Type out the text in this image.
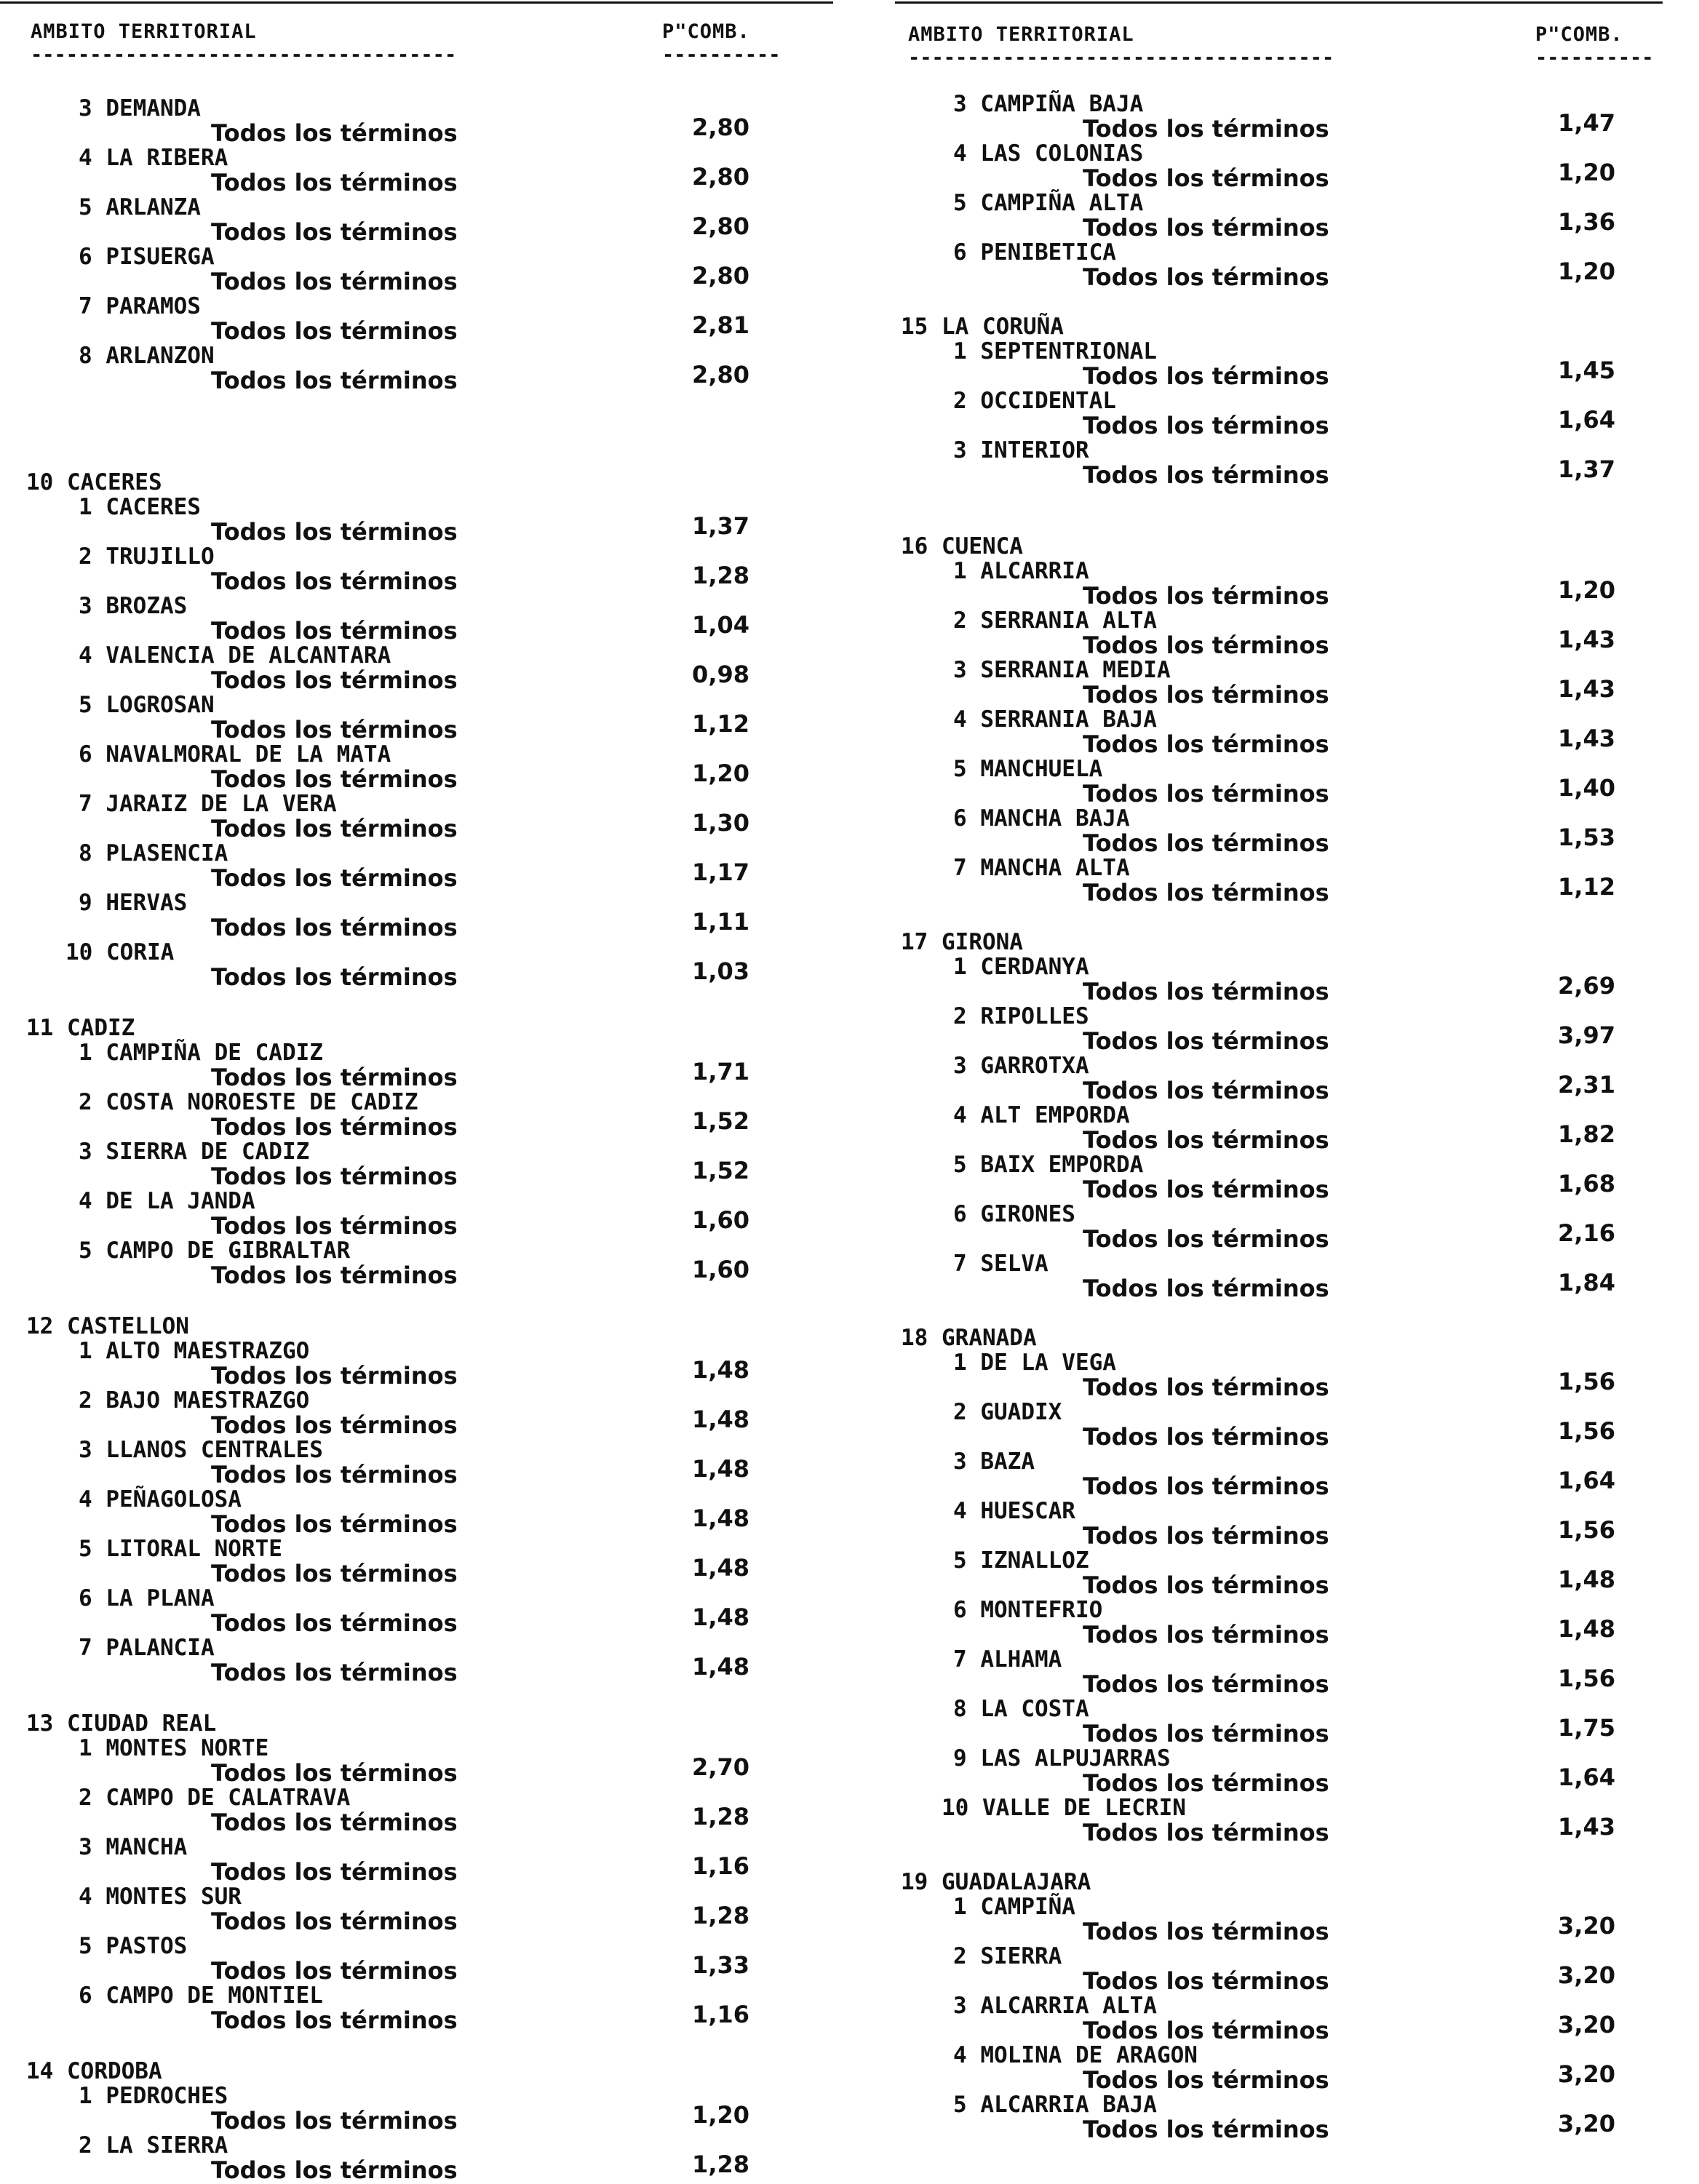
AMBITO TERRITORIAL
------------------------------------
P"COMB.
----------
3 DEMANDA
Todos los términos	2,80
4 LA RIBERA
Todos los términos	2,80
5 ARLANZA
Todos los términos	2,80
6 PISUERGA
Todos los términos	2,80
7 PARAMOS
Todos los términos	2,81
8 ARLANZON
Todos los términos	2,80
10 CACERES
1 CACERES
Todos los términos	1,37
2 TRUJILLO
Todos los términos	1,28
3 BROZAS
Todos los términos	1,04
4 VALENCIA DE ALCANTARA
Todos los términos	0,98
5 LOGROSAN
Todos los términos	1,12
6 NAVALMORAL DE LA MATA
Todos los términos	1,20
7 JARAIZ DE LA VERA
Todos los términos	1,30
8 PLASENCIA
Todos los términos	1,17
9 HERVAS
Todos los términos	1,11
10 CORIA
Todos los términos	1,03
11 CADIZ
1 CAMPIÑA DE CADIZ
Todos los términos	1,71
2 COSTA NOROESTE DE CADIZ
Todos los términos	1,52
3 SIERRA DE CADIZ
Todos los términos	1,52
4 DE LA JANDA
Todos los términos	1,60
5 CAMPO DE GIBRALTAR
Todos los términos	1,60
12 CASTELLON
1 ALTO MAESTRAZGO
Todos los términos	1,48
2 BAJO MAESTRAZGO
Todos los términos	1,48
3 LLANOS CENTRALES
Todos los términos	1,48
4 PEÑAGOLOSA
Todos los términos	1,48
5 LITORAL NORTE
Todos los términos	1,48
6 LA PLANA
Todos los términos	1,48
7 PALANCIA
Todos los términos	1,48
13 CIUDAD REAL
1 MONTES NORTE
Todos los términos	2,70
2 CAMPO DE CALATRAVA
Todos los términos	1,28
3 MANCHA
Todos los términos	1,16
4 MONTES SUR
Todos los términos	1,28
5 PASTOS
Todos los términos	1,33
6 CAMPO DE MONTIEL
Todos los términos	1,16
14 CORDOBA
1 PEDROCHES
Todos los términos	1,20
2 LA SIERRA
Todos los términos	1,28
AMBITO TERRITORIAL
------------------------------------
P"COMB.
----------
3 CAMPIÑA BAJA
Todos los términos	1,47
4 LAS COLONIAS
Todos los términos	1,20
5 CAMPIÑA ALTA
Todos los términos	1,36
6 PENIBETICA
Todos los términos	1,20
15 LA CORUÑA
1 SEPTENTRIONAL
Todos los términos	1,45
2 OCCIDENTAL
Todos los términos	1,64
3 INTERIOR
Todos los términos	1,37
16 CUENCA
1 ALCARRIA
Todos los términos	1,20
2 SERRANIA ALTA
Todos los términos	1,43
3 SERRANIA MEDIA
Todos los términos	1,43
4 SERRANIA BAJA
Todos los términos	1,43
5 MANCHUELA
Todos los términos	1,40
6 MANCHA BAJA
Todos los términos	1,53
7 MANCHA ALTA
Todos los términos	1,12
17 GIRONA
1 CERDANYA
Todos los términos	2,69
2 RIPOLLES
Todos los términos	3,97
3 GARROTXA
Todos los términos	2,31
4 ALT EMPORDA
Todos los términos	1,82
5 BAIX EMPORDA
Todos los términos	1,68
6 GIRONES
Todos los términos	2,16
7 SELVA
Todos los términos	1,84
18 GRANADA
1 DE LA VEGA
Todos los términos	1,56
2 GUADIX
Todos los términos	1,56
3 BAZA
Todos los términos	1,64
4 HUESCAR
Todos los términos	1,56
5 IZNALLOZ
Todos los términos	1,48
6 MONTEFRIO
Todos los términos	1,48
7 ALHAMA
Todos los términos	1,56
8 LA COSTA
Todos los términos	1,75
9 LAS ALPUJARRAS
Todos los términos	1,64
10 VALLE DE LECRIN
Todos los términos	1,43
19 GUADALAJARA
1 CAMPIÑA
Todos los términos	3,20
2 SIERRA
Todos los términos	3,20
3 ALCARRIA ALTA
Todos los términos	3,20
4 MOLINA DE ARAGON
Todos los términos	3,20
5 ALCARRIA BAJA
Todos los términos	3,20
